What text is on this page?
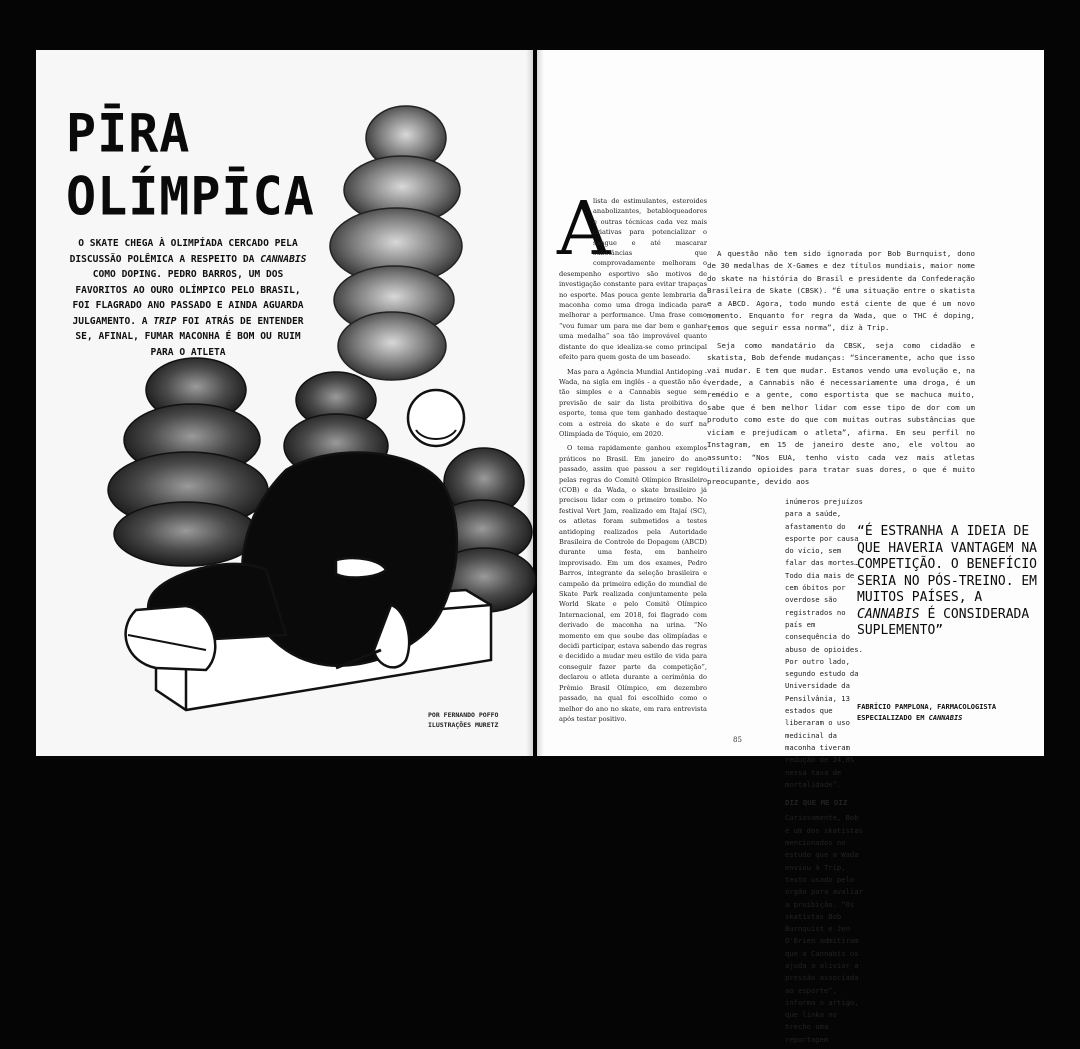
PĪRA
OLÍMPĪCA
O SKATE CHEGA À OLIMPÍADA CERCADO PELA DISCUSSÃO POLÊMICA A RESPEITO DA CANNABIS COMO DOPING. PEDRO BARROS, UM DOS FAVORITOS AO OURO OLÍMPICO PELO BRASIL, FOI FLAGRADO ANO PASSADO E AINDA AGUARDA JULGAMENTO. A TRIP FOI ATRÁS DE ENTENDER SE, AFINAL, FUMAR MACONHA É BOM OU RUIM PARA O ATLETA
POR FERNANDO POFFO
ILUSTRAÇÕES MURETZ
A

lista de estimulantes, esteroides anabolizantes, betabloqueadores e outras técnicas cada vez mais criativas para potencializar o sangue e até mascarar substâncias que comprovadamente melhoram o desempenho esportivo são motivos de investigação constante para evitar trapaças no esporte. Mas pouca gente lembraria da maconha como uma droga indicada para melhorar a performance. Uma frase como “vou fumar um para me dar bem e ganhar uma medalha” soa tão improvável quanto distante do que idealiza-se como principal efeito para quem gosta de um baseado.

Mas para a Agência Mundial Antidoping - Wada, na sigla em inglês - a questão não é tão simples e a Cannabis segue sem previsão de sair da lista proibitiva do esporte, tema que tem ganhado destaque com a estreia do skate e do surf na Olimpíada de Tóquio, em 2020.

O tema rapidamente ganhou exemplos práticos no Brasil. Em janeiro do ano passado, assim que passou a ser regido pelas regras do Comitê Olímpico Brasileiro (COB) e da Wada, o skate brasileiro já precisou lidar com o primeiro tombo. No festival Vert Jam, realizado em Itajaí (SC), os atletas foram submetidos a testes antidoping realizados pela Autoridade Brasileira de Controle de Dopagem (ABCD) durante uma festa, em banheiro improvisado. Em um dos exames, Pedro Barros, integrante da seleção brasileira e campeão da primeira edição do mundial de Skate Park realizada conjuntamente pela World Skate e pelo Comitê Olímpico Internacional, em 2018, foi flagrado com derivado de maconha na urina. “No momento em que soube das olimpíadas e decidi participar, estava sabendo das regras e decidido a mudar meu estilo de vida para conseguir fazer parte da competição”, declarou o atleta durante a cerimônia do Prêmio Brasil Olímpico, em dezembro passado, na qual foi escolhido como o melhor do ano no skate, em rara entrevista após testar positivo.

A questão não tem sido ignorada por Bob Burnquist, dono de 30 medalhas de X-Games e dez títulos mundiais, maior nome do skate na história do Brasil e presidente da Confederação Brasileira de Skate (CBSK). “É uma situação entre o skatista e a ABCD. Agora, todo mundo está ciente de que é um novo momento. Enquanto for regra da Wada, que o THC é doping, temos que seguir essa norma”, diz à Trip.

Seja como mandatário da CBSK, seja como cidadão e skatista, Bob defende mudanças: “Sinceramente, acho que isso vai mudar. E tem que mudar. Estamos vendo uma evolução e, na verdade, a Cannabis não é necessariamente uma droga, é um remédio e a gente, como esportista que se machuca muito, sabe que é bem melhor lidar com esse tipo de dor com um produto como este do que com muitas outras substâncias que viciam e prejudicam o atleta”, afirma. Em seu perfil no Instagram, em 15 de janeiro deste ano, ele voltou ao assunto: “Nos EUA, tenho visto cada vez mais atletas utilizando opioides para tratar suas dores, o que é muito preocupante, devido aos

inúmeros prejuízos para a saúde, afastamento do esporte por causa do vício, sem falar das mortes… Todo dia mais de cem óbitos por overdose são registrados no país em consequência do abuso de opioides. Por outro lado, segundo estudo da Universidade da Pensilvânia, 13 estados que liberaram o uso medicinal da maconha tiveram redução de 24,8% nessa taxa de mortalidade”.

DIZ QUE ME DIZ

Curiosamente, Bob é um dos skatistas mencionados no estudo que a Wada enviou à Trip, texto usado pelo órgão para avaliar a proibição. “Os skatistas Bob Burnquist e Jen O'Brien admitiram que a Cannabis os ajuda a aliviar a pressão associada ao esporte”, informa o artigo, que linka no trecho uma reportagem

“É ESTRANHA A IDEIA DE QUE HAVERIA VANTAGEM NA COMPETIÇÃO. O BENEFÍCIO SERIA NO PÓS-TREINO. EM MUITOS PAÍSES, A CANNABIS É CONSIDERADA SUPLEMENTO”
FABRÍCIO PAMPLONA, FARMACOLOGISTA ESPECIALIZADO EM CANNABIS
85
